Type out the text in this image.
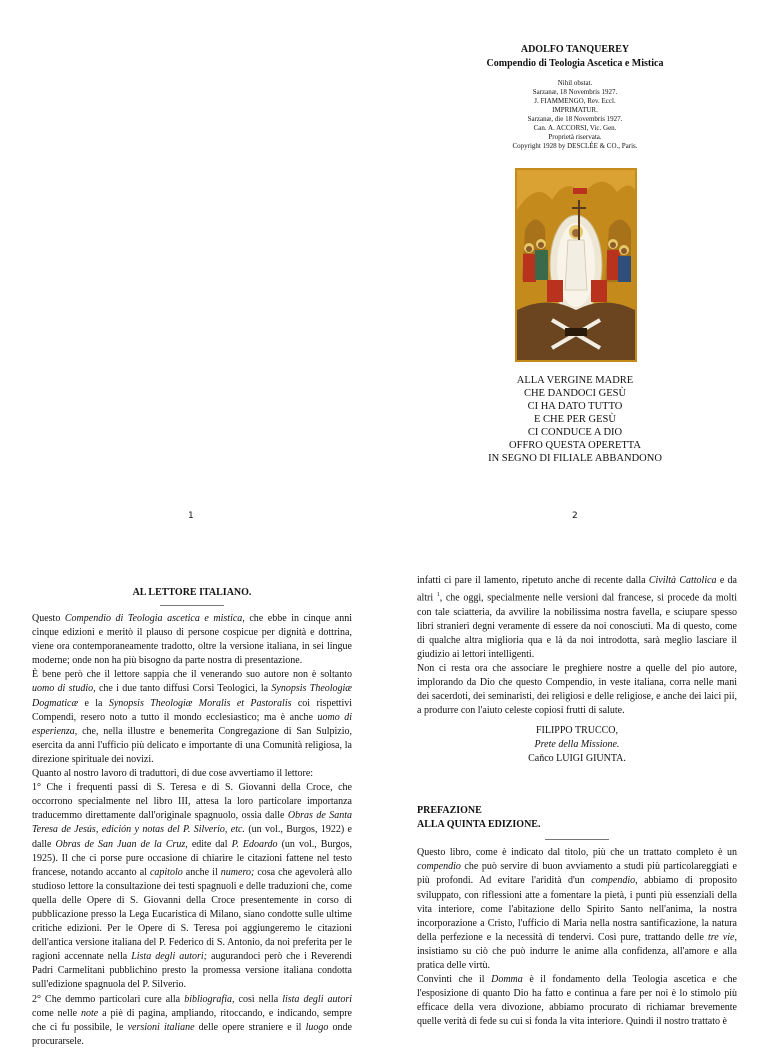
ADOLFO TANQUEREY
Compendio di Teologia Ascetica e Mistica
Nihil obstat.
Sarzanæ, 18 Novembris 1927.
J. FIAMMENGO, Rev. Eccl.
IMPRIMATUR.
Sarzanæ, die 18 Novembris 1927.
Can. A. ACCORSI, Vic. Gen.
Proprietà riservata.
Copyright 1928 by DESCLÉE & CO., Paris.
ALLA VERGINE MADRE
CHE DANDOCI GESÙ
CI HA DATO TUTTO
E CHE PER GESÙ
CI CONDUCE A DIO
OFFRO QUESTA OPERETTA
IN SEGNO DI FILIALE ABBANDONO
1	2
AL LETTORE ITALIANO.

Questo Compendio di Teologia ascetica e mistica, che ebbe in cinque anni cinque edizioni e meritò il plauso di persone cospicue per dignità e dottrina, viene ora contemporaneamente tradotto, oltre la versione italiana, in sei lingue moderne; onde non ha più bisogno da parte nostra di presentazione.

È bene però che il lettore sappia che il venerando suo autore non è soltanto uomo di studio, che i due tanto diffusi Corsi Teologici, la Synopsis Theologiæ Dogmaticæ e la Synopsis Theologiæ Moralis et Pastoralis coi rispettivi Compendi, resero noto a tutto il mondo ecclesiastico; ma è anche uomo di esperienza, che, nella illustre e benemerita Congregazione di San Sulpizio, esercita da anni l'ufficio più delicato e importante di una Comunità religiosa, la direzione spirituale dei novizi.

Quanto al nostro lavoro di traduttori, di due cose avvertiamo il lettore:

1° Che i frequenti passi di S. Teresa e di S. Giovanni della Croce, che occorrono specialmente nel libro III, attesa la loro particolare importanza traducemmo direttamente dall'originale spagnuolo, ossia dalle Obras de Santa Teresa de Jesús, edición y notas del P. Silverio, etc. (un vol., Burgos, 1922) e dalle Obras de San Juan de la Cruz, edite dal P. Edoardo (un vol., Burgos, 1925). Il che ci porse pure occasione di chiarire le citazioni fattene nel testo francese, notando accanto al capitolo anche il numero; cosa che agevolerà allo studioso lettore la consultazione dei testi spagnuoli e delle traduzioni che, come quella delle Opere di S. Giovanni della Croce presentemente in corso di pubblicazione presso la Lega Eucaristica di Milano, siano condotte sulle ultime critiche edizioni. Per le Opere di S. Teresa poi aggiungeremo le citazioni dell'antica versione italiana del P. Federico di S. Antonio, da noi preferita per le ragioni accennate nella Lista degli autori; augurandoci però che i Reverendi Padri Carmelitani pubblichino presto la promessa versione italiana condotta sull'edizione spagnuola del P. Silverio.

2° Che demmo particolari cure alla bibliografia, così nella lista degli autori come nelle note a piè di pagina, ampliando, ritoccando, e indicando, sempre che ci fu possibile, le versioni italiane delle opere straniere e il luogo onde procurarsele.

infatti ci pare il lamento, ripetuto anche di recente dalla Civiltà Cattolica e da altri $^1$, che oggi, specialmente nelle versioni dal francese, si procede da molti con tale sciatteria, da avvilire la nobilissima nostra favella, e sciupare spesso libri stranieri degni veramente di essere da noi conosciuti. Ma di questo, come di qualche altra miglioria qua e là da noi introdotta, sarà meglio lasciare il giudizio ai lettori intelligenti.

Non ci resta ora che associare le preghiere nostre a quelle del pio autore, implorando da Dio che questo Compendio, in veste italiana, corra nelle mani dei sacerdoti, dei seminaristi, dei religiosi e delle religiose, e anche dei laici pii, a produrre con l'aiuto celeste copiosi frutti di salute.

FILIPPO TRUCCO,
Prete della Missione.
Caňco LUIGI GIUNTA.
PREFAZIONE
ALLA QUINTA EDIZIONE.

Questo libro, come è indicato dal titolo, più che un trattato completo è un compendio che può servire di buon avviamento a studi più particolareggiati e più profondi. Ad evitare l'aridità d'un compendio, abbiamo di proposito sviluppato, con riflessioni atte a fomentare la pietà, i punti più essenziali della vita interiore, come l'abitazione dello Spirito Santo nell'anima, la nostra incorporazione a Cristo, l'ufficio di Maria nella nostra santificazione, la natura della perfezione e la necessità di tendervi. Così pure, trattando delle tre vie, insistiamo su ciò che può indurre le anime alla confidenza, all'amore e alla pratica delle virtù.

Convinti che il Domma è il fondamento della Teologia ascetica e che l'esposizione di quanto Dio ha fatto e continua a fare per noi è lo stimolo più efficace della vera divozione, abbiamo procurato di richiamar brevemente quelle verità di fede su cui si fonda la vita interiore. Quindi il nostro trattato è
